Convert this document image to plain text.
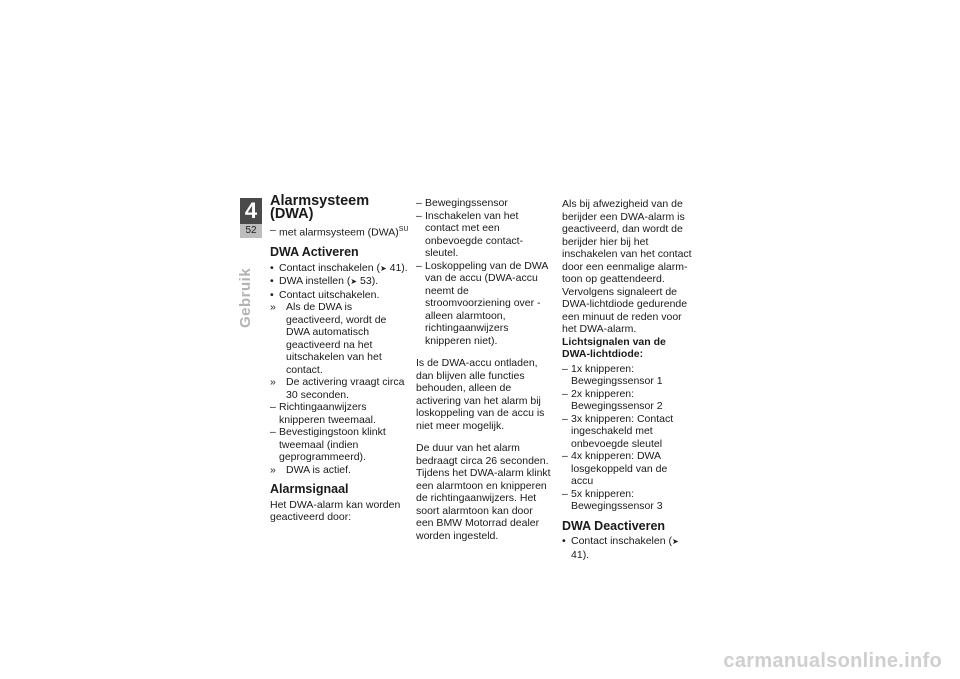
4
52
Gebruik
Alarmsysteem (DWA)
– met alarmsysteem (DWA)$^{SU}$
DWA Activeren
• Contact inschakelen (➤ 41).
• DWA instellen (➤ 53).
• Contact uitschakelen.
» Als de DWA is geactiveerd, wordt de DWA automatisch geactiveerd na het uitschakelen van het contact.
» De activering vraagt circa 30 seconden.
– Richtingaanwijzers knipperen tweemaal.
– Bevestigingstoon klinkt tweemaal (indien geprogrammeerd).
» DWA is actief.
Alarmsignaal

Het DWA-alarm kan worden geactiveerd door:

– Bewegingssensor
– Inschakelen van het contact met een onbevoegde contactsleutel.
– Loskoppeling van de DWA van de accu (DWA-accu neemt de stroomvoorziening over - alleen alarmtoon, richtingaanwijzers knipperen niet).

Is de DWA-accu ontladen, dan blijven alle functies behouden, alleen de activering van het alarm bij loskoppeling van de accu is niet meer mogelijk.

De duur van het alarm bedraagt circa 26 seconden. Tijdens het DWA-alarm klinkt een alarmtoon en knipperen de richtingaanwijzers. Het soort alarmtoon kan door een BMW Motorrad dealer worden ingesteld.

Als bij afwezigheid van de berijder een DWA-alarm is geactiveerd, dan wordt de berijder hier bij het inschakelen van het contact door een eenmalige alarmtoon op geattendeerd. Vervolgens signaleert de DWA-lichtdiode gedurende een minuut de reden voor het DWA-alarm.

Lichtsignalen van de DWA-lichtdiode:
– 1x knipperen: Bewegingssensor 1
– 2x knipperen: Bewegingssensor 2
– 3x knipperen: Contact ingeschakeld met onbevoegde sleutel
– 4x knipperen: DWA losgekoppeld van de accu
– 5x knipperen: Bewegingssensor 3
DWA Deactiveren
• Contact inschakelen (➤ 41).
carmanualsonline.info
